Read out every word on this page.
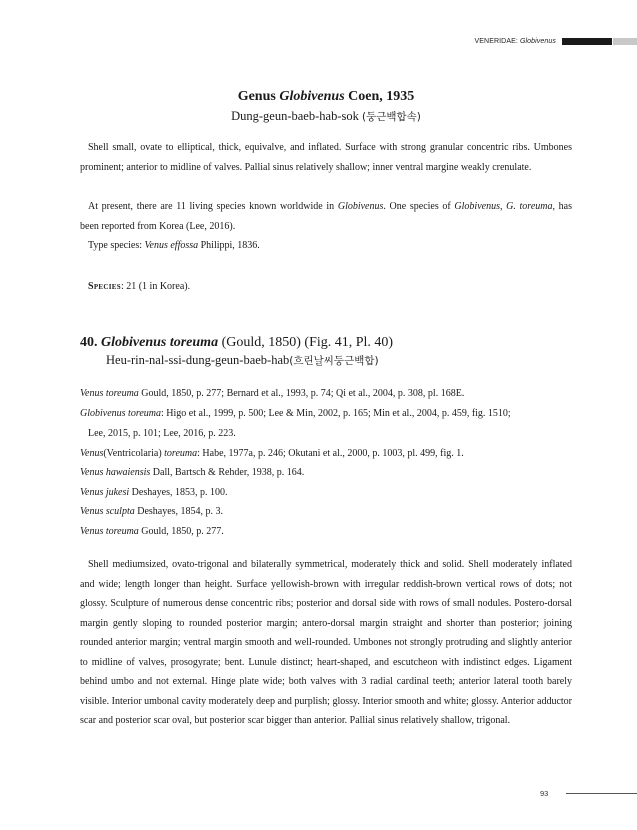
VENERIDAE: Globivenus
Genus Globivenus Coen, 1935
Dung-geun-baeb-hab-sok (둥근백합속)

Shell small, ovate to elliptical, thick, equivalve, and inflated. Surface with strong granular concentric ribs. Umbones prominent; anterior to midline of valves. Pallial sinus relatively shallow; inner ventral margine weakly crenulate.

At present, there are 11 living species known worldwide in Globivenus. One species of Globivenus, G. toreuma, has been reported from Korea (Lee, 2016).

Type species: Venus effossa Philippi, 1836.

Species: 21 (1 in Korea).

40. Globivenus toreuma (Gould, 1850) (Fig. 41, Pl. 40)
Heu-rin-nal-ssi-dung-geun-baeb-hab(흐린날씨둥근백합)
Venus toreuma Gould, 1850, p. 277; Bernard et al., 1993, p. 74; Qi et al., 2004, p. 308, pl. 168E.
Globivenus toreuma: Higo et al., 1999, p. 500; Lee & Min, 2002, p. 165; Min et al., 2004, p. 459, fig. 1510;
Lee, 2015, p. 101; Lee, 2016, p. 223.
Venus(Ventricolaria) toreuma: Habe, 1977a, p. 246; Okutani et al., 2000, p. 1003, pl. 499, fig. 1.
Venus hawaiensis Dall, Bartsch & Rehder, 1938, p. 164.
Venus jukesi Deshayes, 1853, p. 100.
Venus sculpta Deshayes, 1854, p. 3.
Venus toreuma Gould, 1850, p. 277.

Shell mediumsized, ovato-trigonal and bilaterally symmetrical, moderately thick and solid. Shell moderately inflated and wide; length longer than height. Surface yellowish-brown with irregular reddish-brown vertical rows of dots; not glossy. Sculpture of numerous dense concentric ribs; posterior and dorsal side with rows of small nodules. Postero-dorsal margin gently sloping to rounded posterior margin; antero-dorsal margin straight and shorter than posterior; joining rounded anterior margin; ventral margin smooth and well-rounded. Umbones not strongly protruding and slightly anterior to midline of valves, prosogyrate; bent. Lunule distinct; heart-shaped, and escutcheon with indistinct edges. Ligament behind umbo and not external. Hinge plate wide; both valves with 3 radial cardinal teeth; anterior lateral tooth barely visible. Interior umbonal cavity moderately deep and purplish; glossy. Interior smooth and white; glossy. Anterior adductor scar and posterior scar oval, but posterior scar bigger than anterior. Pallial sinus relatively shallow, trigonal.

93
